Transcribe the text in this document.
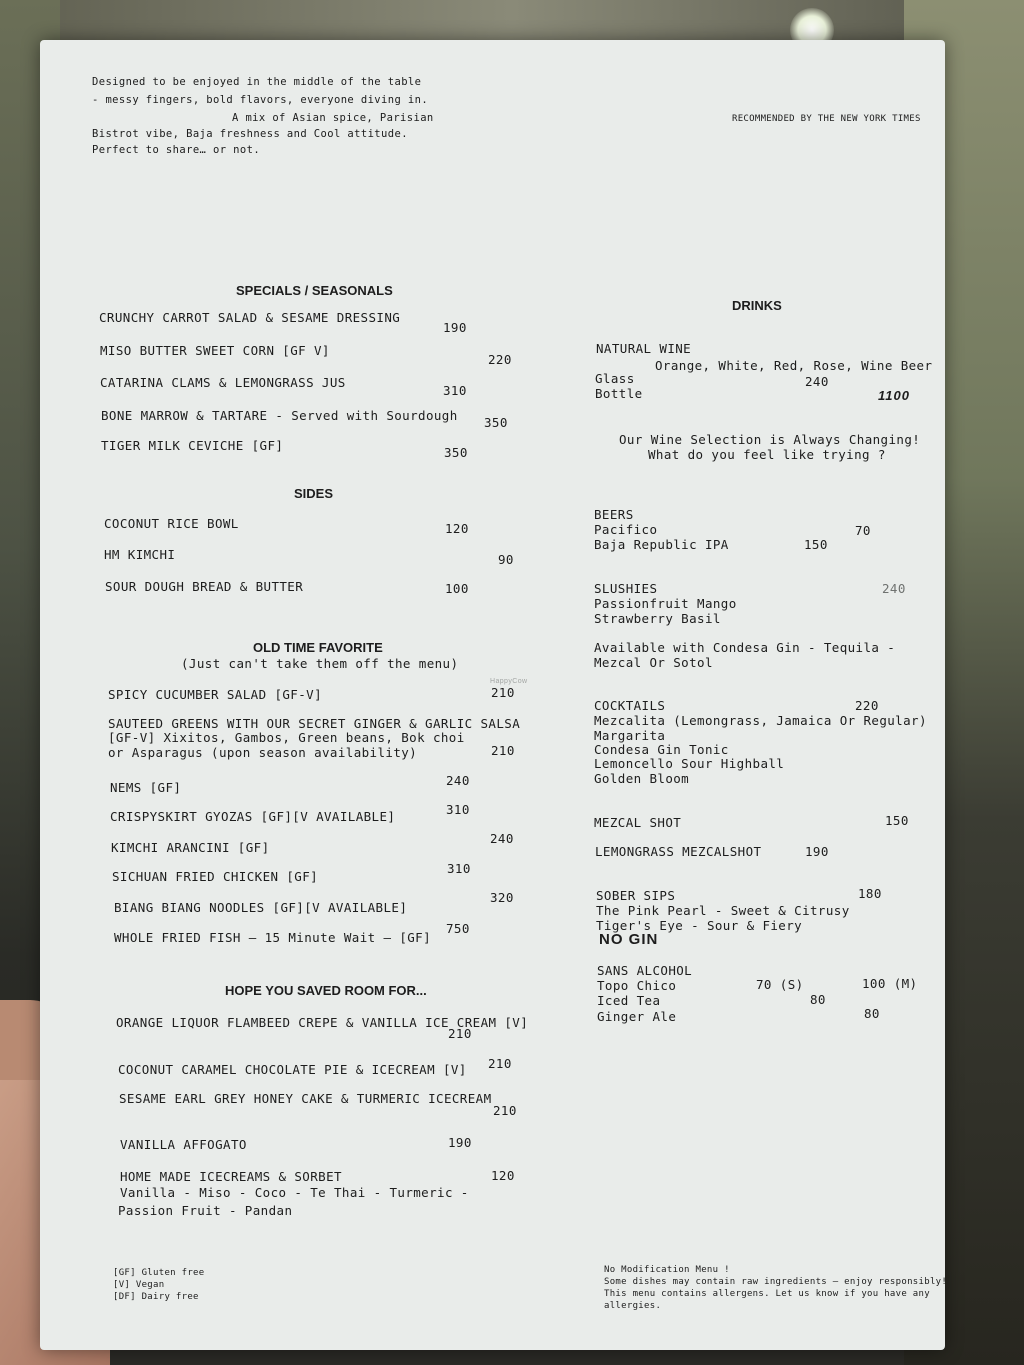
Designed to be enjoyed in the middle of the table
- messy fingers, bold flavors, everyone diving in.
A mix of Asian spice, Parisian
Bistrot vibe, Baja freshness and Cool attitude.
Perfect to share… or not.
RECOMMENDED BY THE NEW YORK TIMES
SPECIALS / SEASONALS
CRUNCHY CARROT SALAD & SESAME DRESSING
190
MISO BUTTER SWEET CORN [GF V]
220
CATARINA CLAMS & LEMONGRASS JUS
310
BONE MARROW & TARTARE - Served with Sourdough 350
TIGER MILK CEVICHE [GF]	350
SIDES
COCONUT RICE BOWL	120
HM KIMCHI	90
SOUR DOUGH BREAD & BUTTER	100
OLD TIME FAVORITE
(Just can't take them off the menu)
SPICY CUCUMBER SALAD [GF-V]	210
HappyCow
SAUTEED GREENS WITH OUR SECRET GINGER & GARLIC SALSA
[GF-V] Xixitos, Gambos, Green beans, Bok choi
or Asparagus (upon season availability)	210
NEMS [GF]	240
CRISPYSKIRT GYOZAS [GF][V AVAILABLE]	310
KIMCHI ARANCINI [GF]
240
SICHUAN FRIED CHICKEN [GF]
310
BIANG BIANG NOODLES [GF][V AVAILABLE]
320
WHOLE FRIED FISH — 15 Minute Wait — [GF]
750
HOPE YOU SAVED ROOM FOR...
ORANGE LIQUOR FLAMBEED CREPE & VANILLA ICE CREAM [V]
210
COCONUT CARAMEL CHOCOLATE PIE & ICECREAM [V] 210
SESAME EARL GREY HONEY CAKE & TURMERIC ICECREAM
210
VANILLA AFFOGATO	190
HOME MADE ICECREAMS & SORBET
Vanilla - Miso - Coco - Te Thai - Turmeric -
Passion Fruit - Pandan
120
[GF] Gluten free
[V] Vegan
[DF] Dairy free
DRINKS
NATURAL WINE
Orange, White, Red, Rose, Wine Beer
Glass	240
Bottle	1100
Our Wine Selection is Always Changing!
What do you feel like trying ?
BEERS
Pacifico	70
Baja Republic IPA	150
SLUSHIES	240
Passionfruit Mango
Strawberry Basil
Available with Condesa Gin - Tequila -
Mezcal Or Sotol
COCKTAILS	220
Mezcalita (Lemongrass, Jamaica Or Regular)
Margarita
Condesa Gin Tonic
Lemoncello Sour Highball
Golden Bloom
MEZCAL SHOT	150
LEMONGRASS MEZCALSHOT	190
SOBER SIPS	180
The Pink Pearl - Sweet & Citrusy
Tiger's Eye - Sour & Fiery
NO GIN
SANS ALCOHOL
Topo Chico	70 (S)	100 (M)
Iced Tea	80
Ginger Ale	80
No Modification Menu !
Some dishes may contain raw ingredients — enjoy responsibly!
This menu contains allergens. Let us know if you have any
allergies.
